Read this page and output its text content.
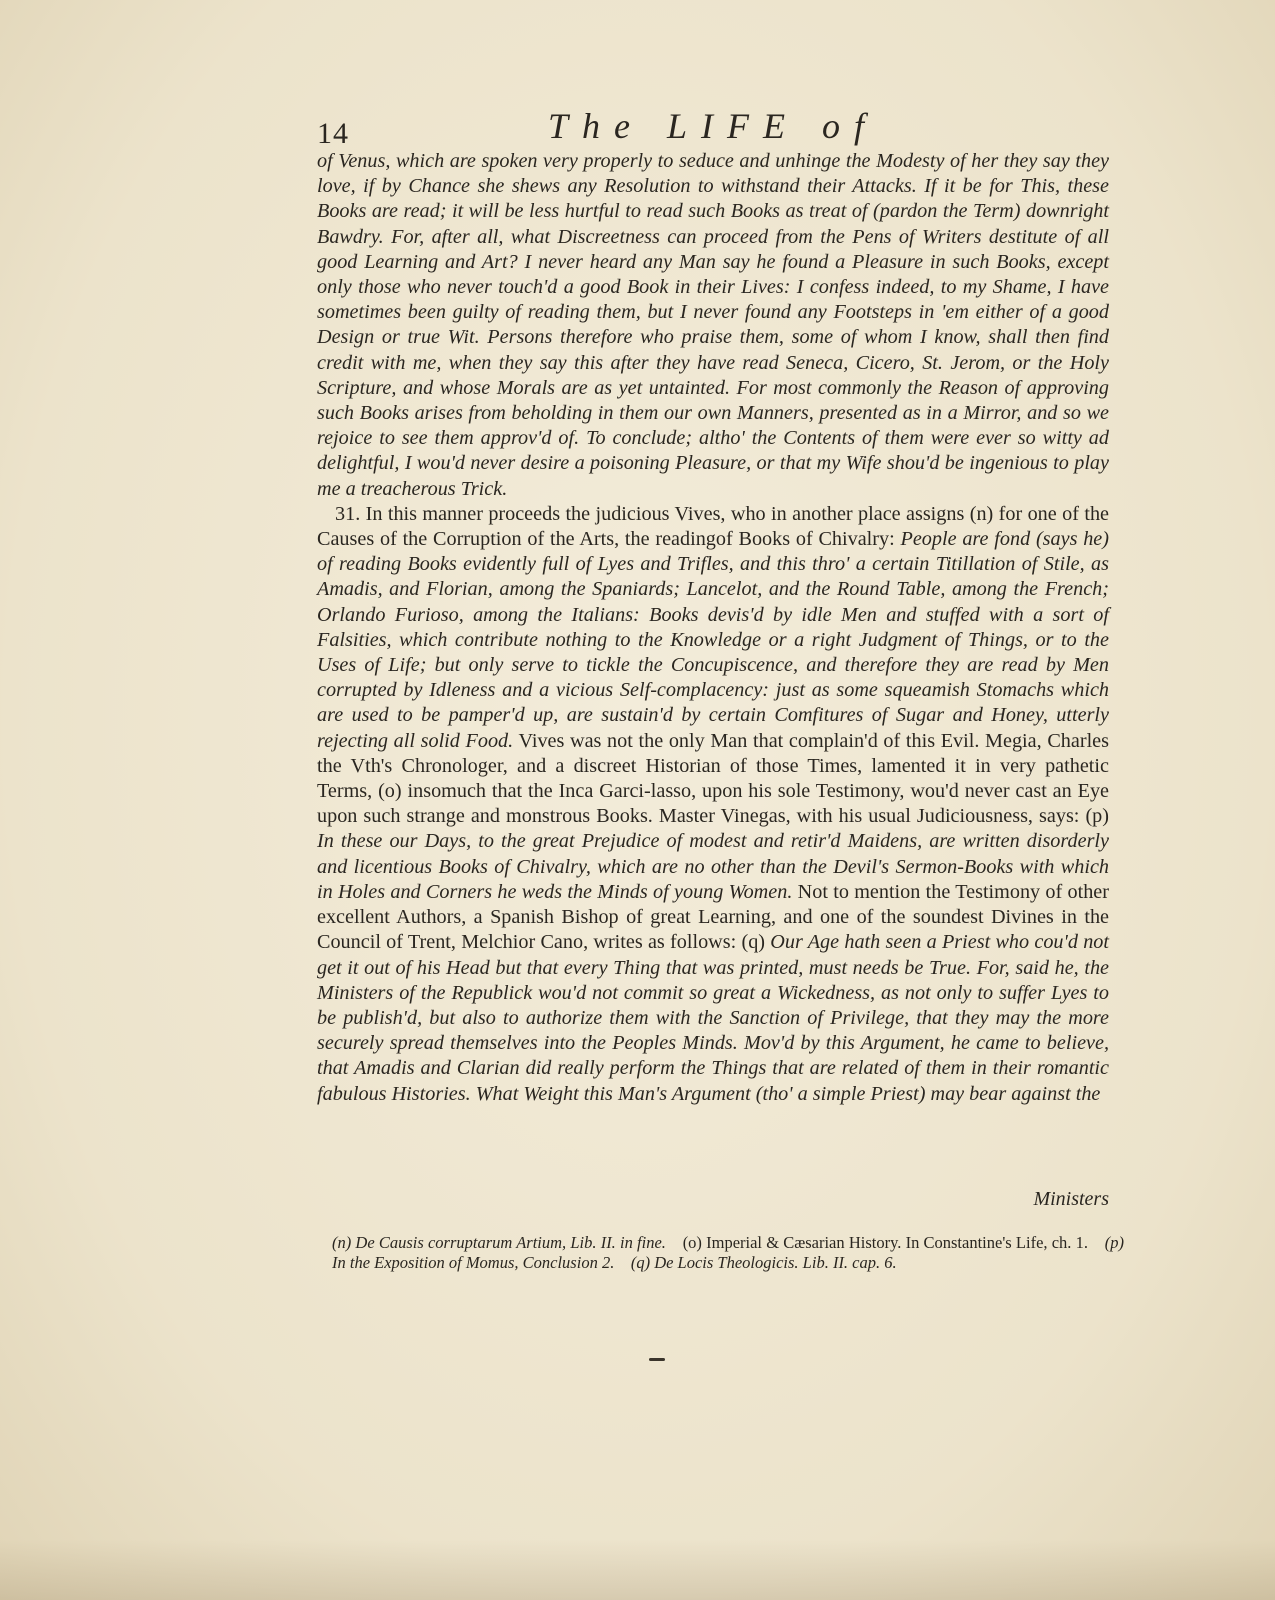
14	The LIFE of

of Venus, which are spoken very properly to seduce and unhinge the Modesty of her they say they love, if by Chance she shews any Resolution to withstand their Attacks. If it be for This, these Books are read; it will be less hurtful to read such Books as treat of (pardon the Term) downright Bawdry. For, after all, what Discreetness can proceed from the Pens of Writers destitute of all good Learning and Art? I never heard any Man say he found a Pleasure in such Books, except only those who never touch'd a good Book in their Lives: I confess indeed, to my Shame, I have sometimes been guilty of reading them, but I never found any Footsteps in 'em either of a good Design or true Wit. Persons therefore who praise them, some of whom I know, shall then find credit with me, when they say this after they have read Seneca, Cicero, St. Jerom, or the Holy Scripture, and whose Morals are as yet untainted. For most commonly the Reason of approving such Books arises from beholding in them our own Manners, presented as in a Mirror, and so we rejoice to see them approv'd of. To conclude; altho' the Contents of them were ever so witty ad delightful, I wou'd never desire a poisoning Pleasure, or that my Wife shou'd be ingenious to play me a treacherous Trick.

31. In this manner proceeds the judicious Vives, who in another place assigns (n) for one of the Causes of the Corruption of the Arts, the readingof Books of Chivalry: People are fond (says he) of reading Books evidently full of Lyes and Trifles, and this thro' a certain Titillation of Stile, as Amadis, and Florian, among the Spaniards; Lancelot, and the Round Table, among the French; Orlando Furioso, among the Italians: Books devis'd by idle Men and stuffed with a sort of Falsities, which contribute nothing to the Knowledge or a right Judgment of Things, or to the Uses of Life; but only serve to tickle the Concupiscence, and therefore they are read by Men corrupted by Idleness and a vicious Self-complacency: just as some squeamish Stomachs which are used to be pamper'd up, are sustain'd by certain Comfitures of Sugar and Honey, utterly rejecting all solid Food. Vives was not the only Man that complain'd of this Evil. Megia, Charles the Vth's Chronologer, and a discreet Historian of those Times, lamented it in very pathetic Terms, (o) insomuch that the Inca Garci-lasso, upon his sole Testimony, wou'd never cast an Eye upon such strange and monstrous Books. Master Vinegas, with his usual Judiciousness, says: (p) In these our Days, to the great Prejudice of modest and retir'd Maidens, are written disorderly and licentious Books of Chivalry, which are no other than the Devil's Sermon-Books with which in Holes and Corners he weds the Minds of young Women. Not to mention the Testimony of other excellent Authors, a Spanish Bishop of great Learning, and one of the soundest Divines in the Council of Trent, Melchior Cano, writes as follows: (q) Our Age hath seen a Priest who cou'd not get it out of his Head but that every Thing that was printed, must needs be True. For, said he, the Ministers of the Republick wou'd not commit so great a Wickedness, as not only to suffer Lyes to be publish'd, but also to authorize them with the Sanction of Privilege, that they may the more securely spread themselves into the Peoples Minds. Mov'd by this Argument, he came to believe, that Amadis and Clarian did really perform the Things that are related of them in their romantic fabulous Histories. What Weight this Man's Argument (tho' a simple Priest) may bear against the

Ministers
(n) De Causis corruptarum Artium, Lib. II. in fine. (o) Imperial & Cæsarian History. In Constantine's Life, ch. 1. (p) In the Exposition of Momus, Conclusion 2. (q) De Locis Theologicis. Lib. II. cap. 6.
